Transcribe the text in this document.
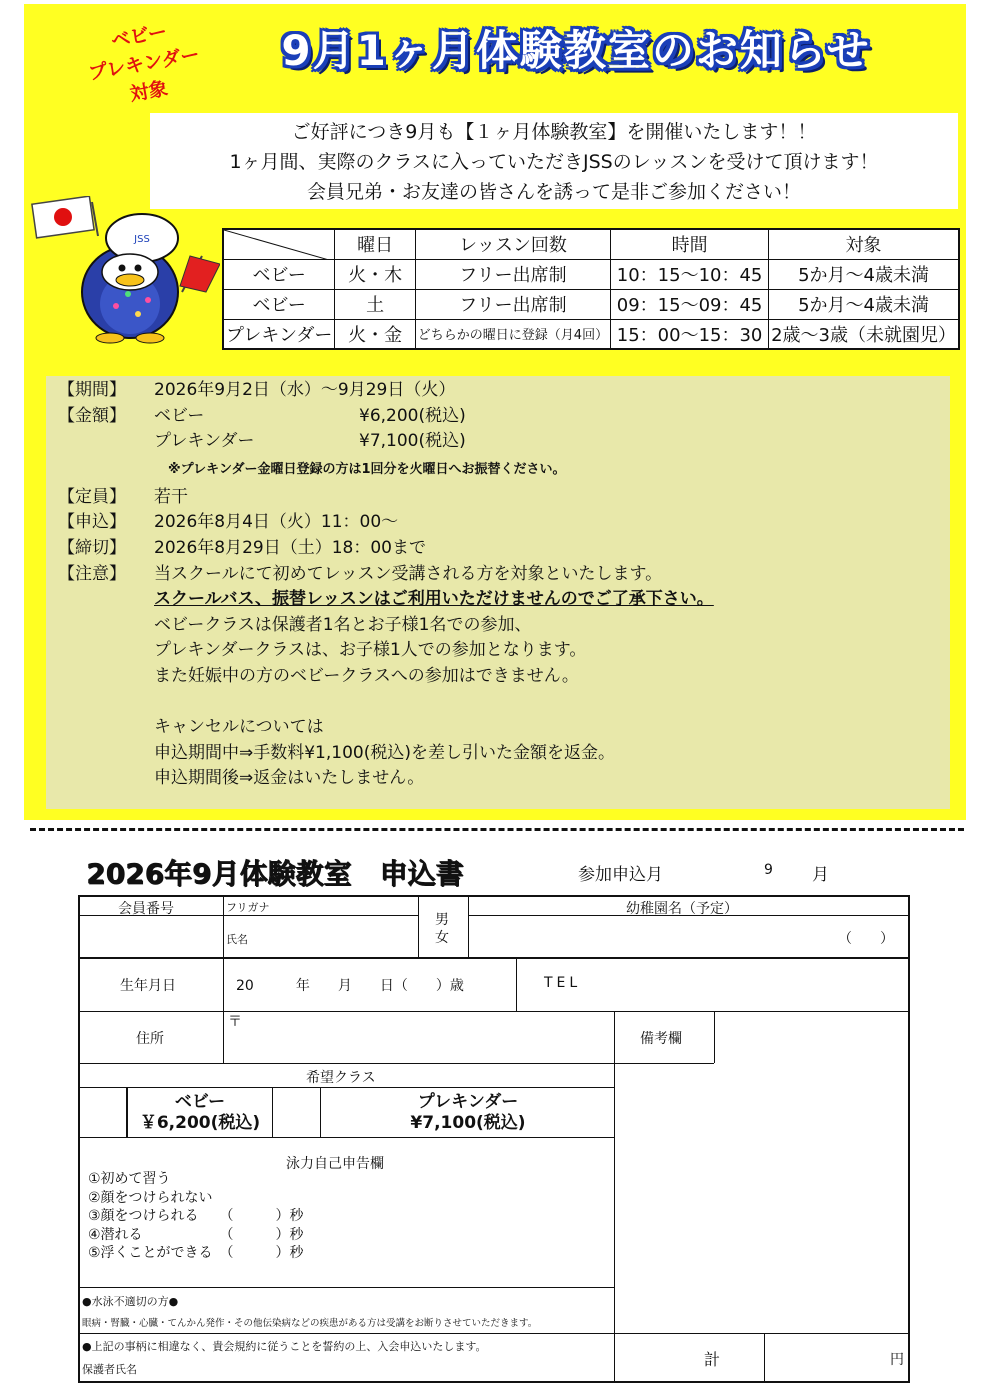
ベビー
プレキンダー
対象
9月1ヶ月体験教室のお知らせ
ご好評につき9月も【１ヶ月体験教室】を開催いたします！！
1ヶ月間、実際のクラスに入っていただきJSSのレッスンを受けて頂けます！
会員兄弟・お友達の皆さんを誘って是非ご参加ください！
JSS
		曜日	レッスン回数	時間	対象
ベビー	火・木	フリー出席制	10：15～10：45	5か月～4歳未満
ベビー	土	フリー出席制	09：15～09：45	5か月～4歳未満
プレキンダー	火・金	どちらかの曜日に登録（月4回）	15：00～15：30	2歳～3歳（未就園児）
【期間】	2026年9月2日（水）～9月29日（火）
【金額】	ベビー	¥6,200(税込)
プレキンダー	¥7,100(税込)
※プレキンダー金曜日登録の方は1回分を火曜日へお振替ください。
【定員】	若干
【申込】	2026年8月4日（火）11：00～
【締切】	2026年8月29日（土）18：00まで
【注意】	当スクールにて初めてレッスン受講される方を対象といたします。
スクールバス、振替レッスンはご利用いただけませんのでご了承下さい。
ベビークラスは保護者1名とお子様1名での参加、
プレキンダークラスは、お子様1人での参加となります。
また妊娠中の方のベビークラスへの参加はできません。
キャンセルについては
申込期間中⇒手数料¥1,100(税込)を差し引いた金額を返金。
申込期間後⇒返金はいたしません。
2026年9月体験教室　申込書	参加申込月	9 月
会員番号	フリガナ
氏名
男
女
幼稚園名（予定）
（　　）
生年月日	20　　　年　　月　　日（　　）歳	TEL
住所
〒
備考欄
希望クラス
ベビー
￥6,200(税込)
プレキンダー
¥7,100(税込)
泳力自己申告欄
①初めて習う
②顔をつけられない
③顔をつけられる　　（　　　）秒
④潜れる　　　　　　（　　　）秒
⑤浮くことができる　（　　　）秒
●水泳不適切の方●
眼病・腎臓・心臓・てんかん発作・その他伝染病などの疾患がある方は受講をお断りさせていただきます。
●上記の事柄に相違なく、貴会規約に従うことを誓約の上、入会申込いたします。
保護者氏名
計	円
